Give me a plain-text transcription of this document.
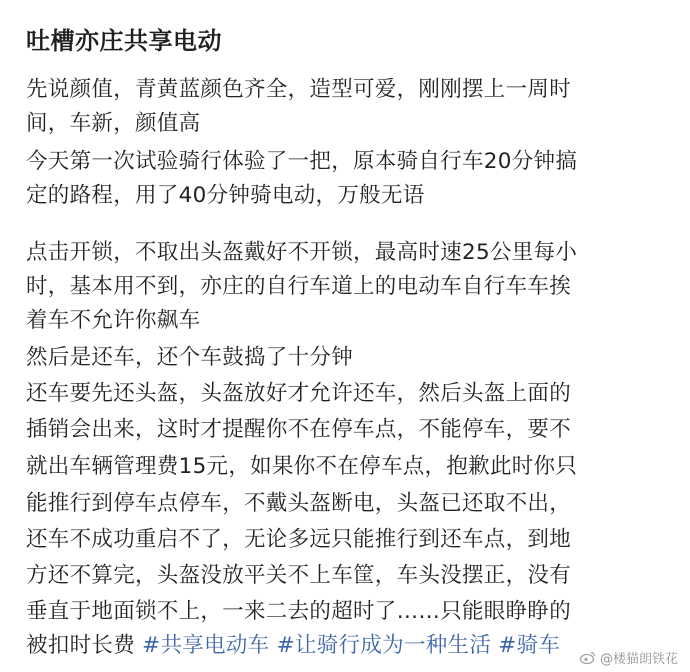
吐槽亦庄共享电动
先说颜值，青黄蓝颜色齐全，造型可爱，刚刚摆上一周时
间，车新，颜值高
今天第一次试验骑行体验了一把，原本骑自行车20分钟搞
定的路程，用了40分钟骑电动，万般无语
点击开锁，不取出头盔戴好不开锁，最高时速25公里每小
时，基本用不到，亦庄的自行车道上的电动车自行车车挨
着车不允许你飙车
然后是还车，还个车鼓捣了十分钟
还车要先还头盔，头盔放好才允许还车，然后头盔上面的
插销会出来，这时才提醒你不在停车点，不能停车，要不
就出车辆管理费15元，如果你不在停车点，抱歉此时你只
能推行到停车点停车，不戴头盔断电，头盔已还取不出，
还车不成功重启不了，无论多远只能推行到还车点，到地
方还不算完，头盔没放平关不上车筐，车头没摆正，没有
垂直于地面锁不上，一来二去的超时了……只能眼睁睁的
被扣时长费 #共享电动车 #让骑行成为一种生活 #骑车
@楼猫朗铁花
